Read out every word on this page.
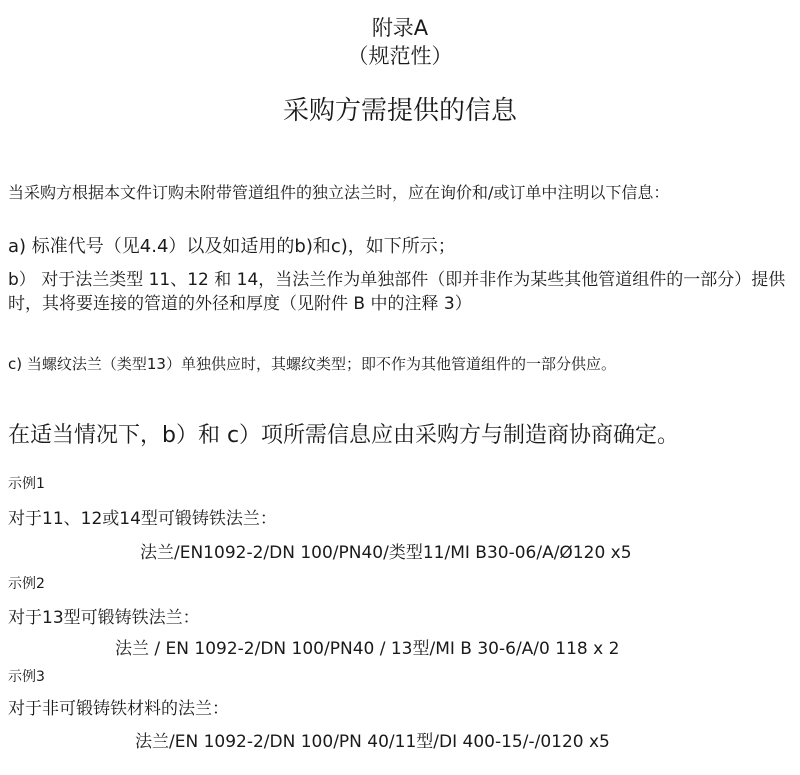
附录A
（规范性）
采购方需提供的信息
当采购方根据本文件订购未附带管道组件的独立法兰时，应在询价和/或订单中注明以下信息：
a) 标准代号（见4.4）以及如适用的b)和c)，如下所示；
b） 对于法兰类型 11、12 和 14，当法兰作为单独部件（即并非作为某些其他管道组件的一部分）提供时，其将要连接的管道的外径和厚度（见附件 B 中的注释 3）
c) 当螺纹法兰（类型13）单独供应时，其螺纹类型；即不作为其他管道组件的一部分供应。
在适当情况下，b）和 c）项所需信息应由采购方与制造商协商确定。
示例1
对于11、12或14型可锻铸铁法兰：
法兰/EN1092-2/DN 100/PN40/类型11/MI B30-06/A/Ø120 x5
示例2
对于13型可锻铸铁法兰：
法兰 / EN 1092-2/DN 100/PN40 / 13型/MI B 30-6/A/0 118 x 2
示例3
对于非可锻铸铁材料的法兰：
法兰/EN 1092-2/DN 100/PN 40/11型/DI 400-15/-/0120 x5
